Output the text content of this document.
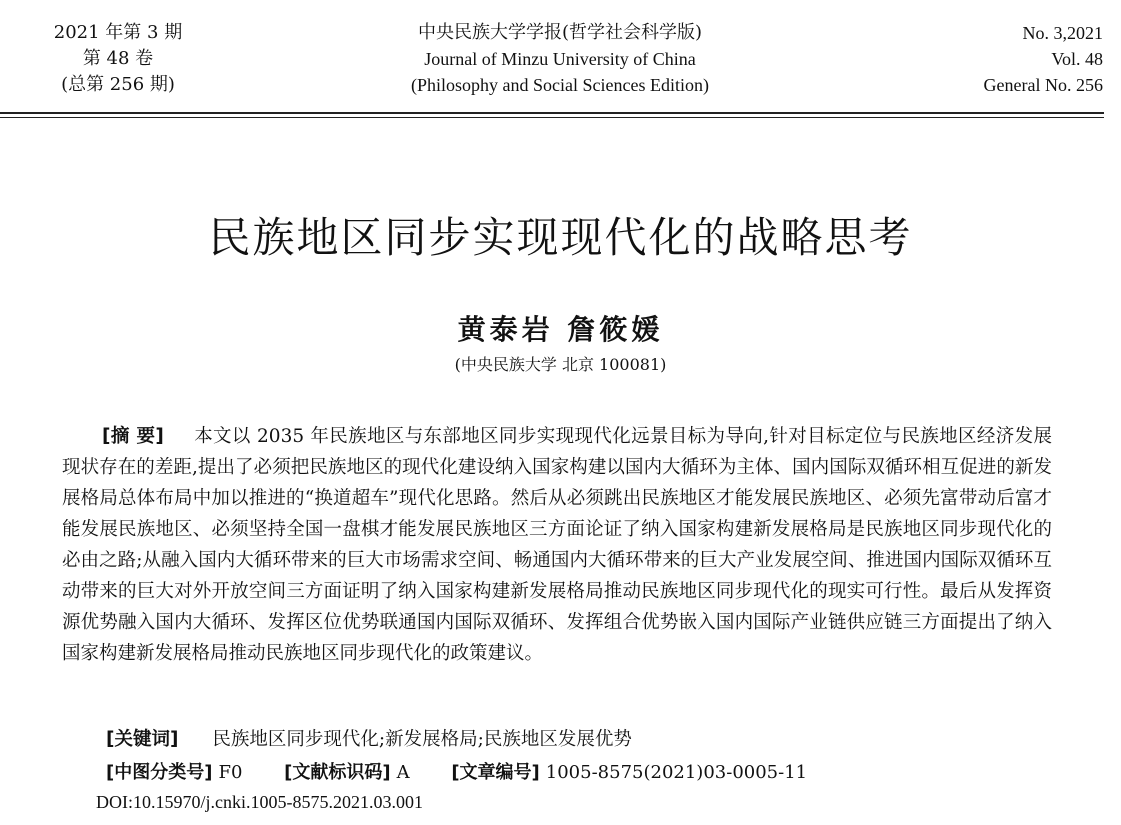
2021 年第 3 期
第 48 卷
(总第 256 期)
中央民族大学学报(哲学社会科学版)
Journal of Minzu University of China
(Philosophy and Social Sciences Edition)
No. 3,2021
Vol. 48
General No. 256
民族地区同步实现现代化的战略思考
黄泰岩 詹筱媛
(中央民族大学 北京 100081)
[摘 要] 本文以 2035 年民族地区与东部地区同步实现现代化远景目标为导向,针对目标定位与民族地区经济发展现状存在的差距,提出了必须把民族地区的现代化建设纳入国家构建以国内大循环为主体、国内国际双循环相互促进的新发展格局总体布局中加以推进的“换道超车”现代化思路。然后从必须跳出民族地区才能发展民族地区、必须先富带动后富才能发展民族地区、必须坚持全国一盘棋才能发展民族地区三方面论证了纳入国家构建新发展格局是民族地区同步现代化的必由之路;从融入国内大循环带来的巨大市场需求空间、畅通国内大循环带来的巨大产业发展空间、推进国内国际双循环互动带来的巨大对外开放空间三方面证明了纳入国家构建新发展格局推动民族地区同步现代化的现实可行性。最后从发挥资源优势融入国内大循环、发挥区位优势联通国内国际双循环、发挥组合优势嵌入国内国际产业链供应链三方面提出了纳入国家构建新发展格局推动民族地区同步现代化的政策建议。
[关键词] 民族地区同步现代化;新发展格局;民族地区发展优势
[中图分类号] F0 [文献标识码] A [文章编号] 1005-8575(2021)03-0005-11
DOI:10.15970/j.cnki.1005-8575.2021.03.001
